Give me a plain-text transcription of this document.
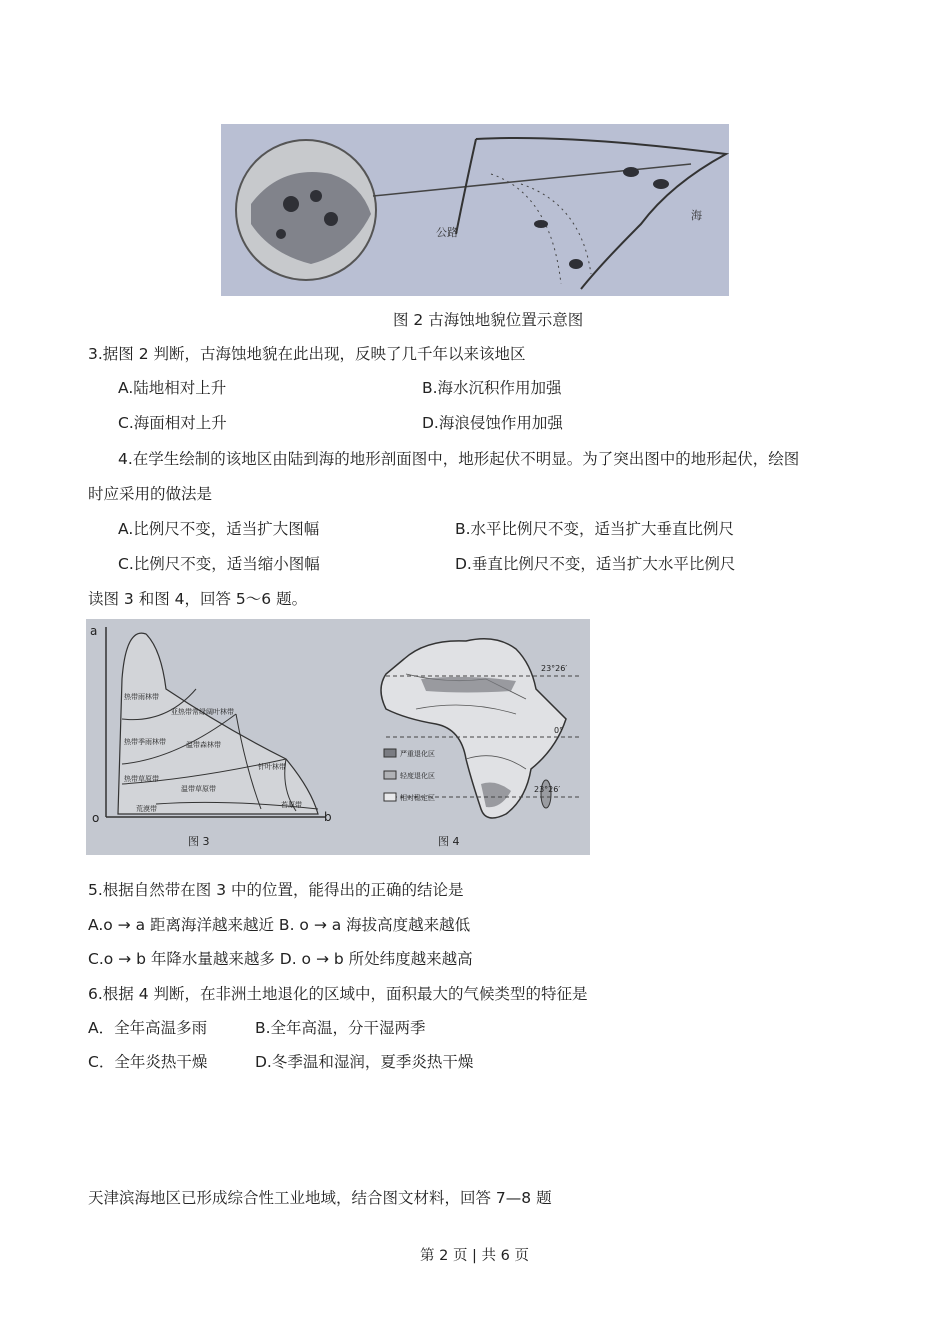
公路
海
图 2 古海蚀地貌位置示意图
3.据图 2 判断，古海蚀地貌在此出现，反映了几千年以来该地区
A.陆地相对上升	B.海水沉积作用加强
C.海面相对上升	D.海浪侵蚀作用加强
4.在学生绘制的该地区由陆到海的地形剖面图中，地形起伏不明显。为了突出图中的地形起伏，绘图
时应采用的做法是
A.比例尺不变，适当扩大图幅	B.水平比例尺不变，适当扩大垂直比例尺
C.比例尺不变，适当缩小图幅	D.垂直比例尺不变，适当扩大水平比例尺
读图 3 和图 4，回答 5～6 题。
a
o	b
热带雨林带
热带季雨林带
热带草原带
亚热带常绿阔叶林带
温带森林带
针叶林带
温带草原带
荒漠带	苔原带
图 3
23°26′
0°
23°26′
严重退化区
轻度退化区
相对稳定区
图 4
5.根据自然带在图 3 中的位置，能得出的正确的结论是
A.o → a 距离海洋越来越近 B. o → a 海拔高度越来越低
C.o → b 年降水量越来越多 D. o → b 所处纬度越来越高
6.根据 4 判断，在非洲土地退化的区域中，面积最大的气候类型的特征是
A．全年高温多雨	B.全年高温，分干湿两季
C．全年炎热干燥	D.冬季温和湿润，夏季炎热干燥
天津滨海地区已形成综合性工业地域，结合图文材料，回答 7—8 题
第 2 页 | 共 6 页
